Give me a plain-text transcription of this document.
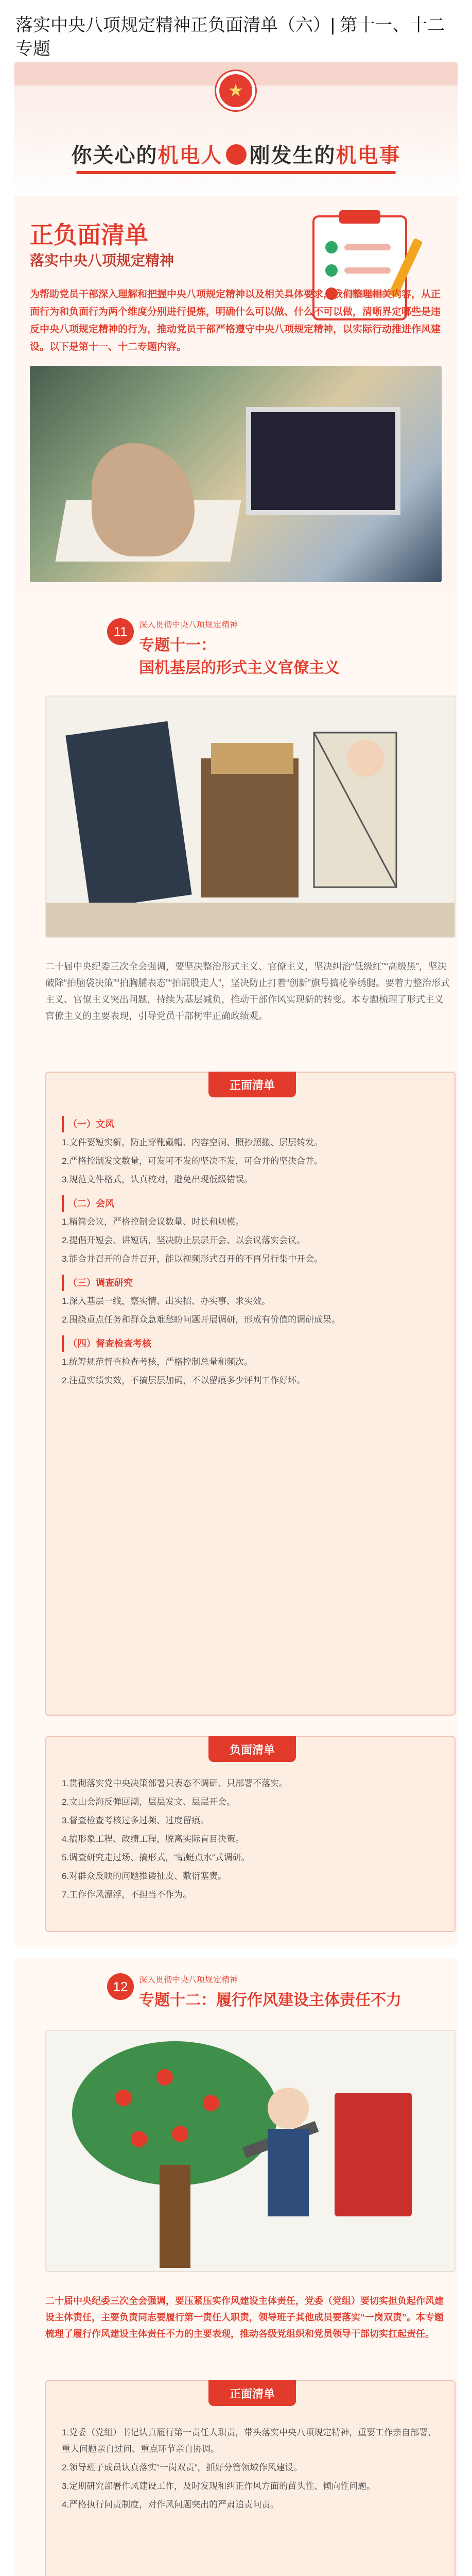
落实中央八项规定精神正负面清单（六）| 第十一、十二专题
★
你关心的机电人 刚发生的机电事
正负面清单
落实中央八项规定精神
为帮助党员干部深入理解和把握中央八项规定精神以及相关具体要求，我们整理相关内容，从正面行为和负面行为两个维度分别进行提炼，明确什么可以做、什么不可以做，清晰界定哪些是违反中央八项规定精神的行为，推动党员干部严格遵守中央八项规定精神，以实际行动推进作风建设。以下是第十一、十二专题内容。
11	深入贯彻中央八项规定精神
专题十一：
国机基层的形式主义官僚主义
二十届中央纪委三次全会强调，要坚决整治形式主义、官僚主义，坚决纠治“低级红”“高级黑”，坚决破除“拍脑袋决策”“拍胸脯表态”“拍屁股走人”，坚决防止打着“创新”旗号搞花拳绣腿。要着力整治形式主义、官僚主义突出问题，持续为基层减负，推动干部作风实现新的转变。本专题梳理了形式主义官僚主义的主要表现，引导党员干部树牢正确政绩观。
正面清单
（一）文风

1.文件要短实新，防止穿靴戴帽、内容空洞、照抄照搬、层层转发。

2.严格控制发文数量，可发可不发的坚决不发，可合并的坚决合并。

3.规范文件格式，认真校对，避免出现低级错误。

（二）会风

1.精简会议，严格控制会议数量、时长和规模。

2.提倡开短会、讲短话，坚决防止层层开会、以会议落实会议。

3.能合并召开的合并召开，能以视频形式召开的不再另行集中开会。

（三）调查研究

1.深入基层一线，察实情、出实招、办实事、求实效。

2.围绕重点任务和群众急难愁盼问题开展调研，形成有价值的调研成果。

（四）督查检查考核

1.统筹规范督查检查考核，严格控制总量和频次。

2.注重实绩实效，不搞层层加码，不以留痕多少评判工作好坏。

负面清单

1.贯彻落实党中央决策部署只表态不调研、只部署不落实。

2.文山会海反弹回潮，层层发文、层层开会。

3.督查检查考核过多过频、过度留痕。

4.搞形象工程、政绩工程，脱离实际盲目决策。

5.调查研究走过场、搞形式，“蜻蜓点水”式调研。

6.对群众反映的问题推诿扯皮、敷衍塞责。

7.工作作风漂浮，不担当不作为。

12	深入贯彻中央八项规定精神
专题十二：履行作风建设主体责任不力
二十届中央纪委三次全会强调，要压紧压实作风建设主体责任，党委（党组）要切实担负起作风建设主体责任，主要负责同志要履行第一责任人职责，领导班子其他成员要落实“一岗双责”。本专题梳理了履行作风建设主体责任不力的主要表现，推动各级党组织和党员领导干部切实扛起责任。
正面清单

1.党委（党组）书记认真履行第一责任人职责，带头落实中央八项规定精神，重要工作亲自部署、重大问题亲自过问、重点环节亲自协调。

2.领导班子成员认真落实“一岗双责”，抓好分管领域作风建设。

3.定期研究部署作风建设工作，及时发现和纠正作风方面的苗头性、倾向性问题。

4.严格执行问责制度，对作风问题突出的严肃追责问责。
